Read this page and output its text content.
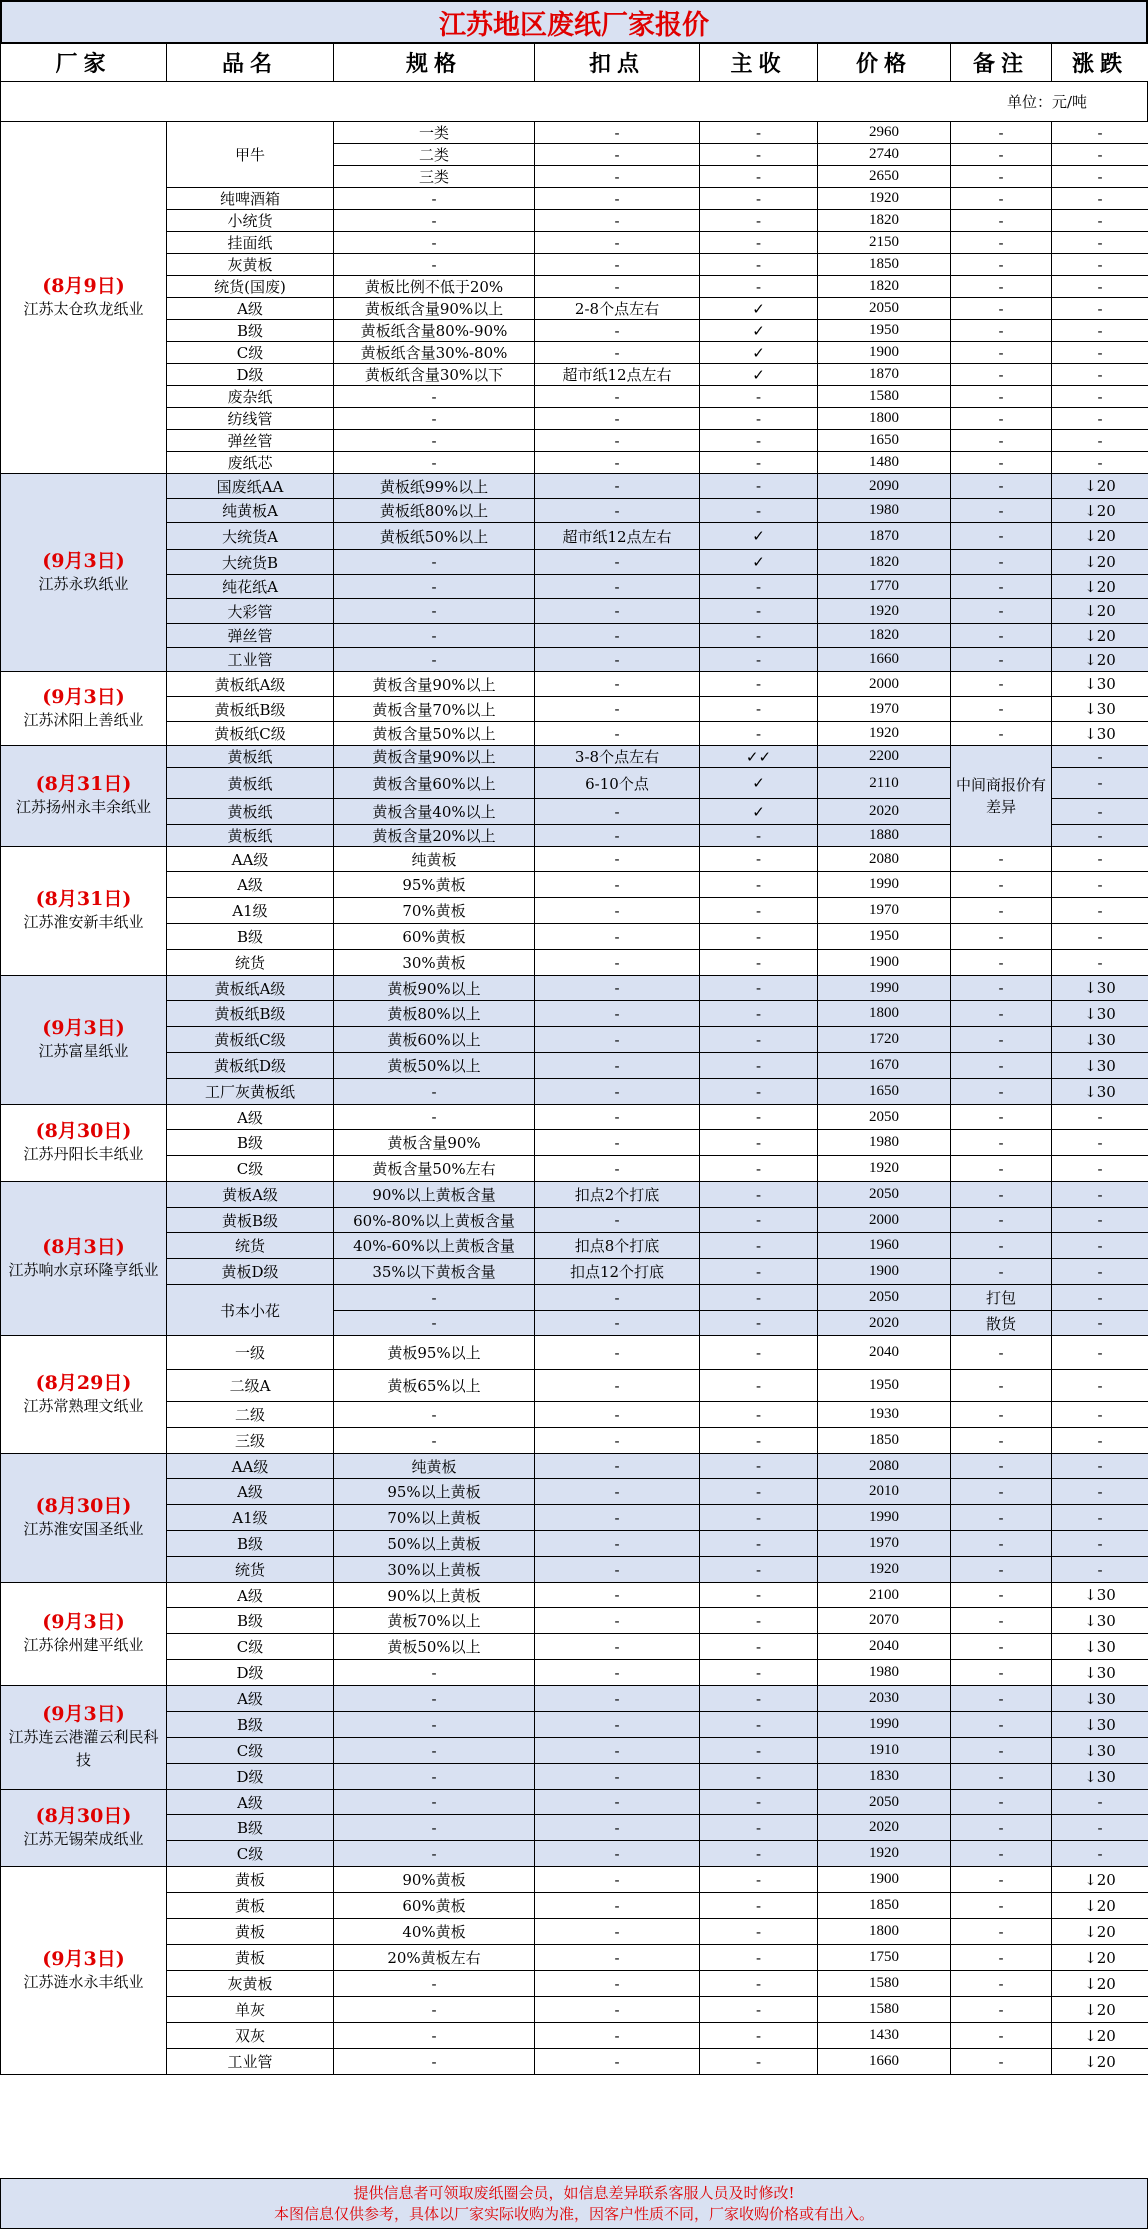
江苏地区废纸厂家报价
厂家	品名	规格	扣点	主收	价格	备注	涨跌
单位：元/吨
(8月9日)
江苏太仓玖龙纸业	甲牛	一类	-	-	2960	-	-
		二类	-	-	2740	-	-
		三类	-	-	2650	-	-
	纯啤酒箱	-	-	-	1920	-	-
	小统货	-	-	-	1820	-	-
	挂面纸	-	-	-	2150	-	-
	灰黄板	-	-	-	1850	-	-
	统货(国废)	黄板比例不低于20%	-	-	1820	-	-
	A级	黄板纸含量90%以上	2-8个点左右	✓	2050	-	-
	B级	黄板纸含量80%-90%	-	✓	1950	-	-
	C级	黄板纸含量30%-80%	-	✓	1900	-	-
	D级	黄板纸含量30%以下	超市纸12点左右	✓	1870	-	-
	废杂纸	-	-	-	1580	-	-
	纺线管	-	-	-	1800	-	-
	弹丝管	-	-	-	1650	-	-
	废纸芯	-	-	-	1480	-	-

(9月3日)
江苏永玖纸业	国废纸AA	黄板纸99%以上	-	-	2090	-	↓20
	纯黄板A	黄板纸80%以上	-	-	1980	-	↓20
	大统货A	黄板纸50%以上	超市纸12点左右	✓	1870	-	↓20
	大统货B	-	-	✓	1820	-	↓20
	纯花纸A	-	-	-	1770	-	↓20
	大彩管	-	-	-	1920	-	↓20
	弹丝管	-	-	-	1820	-	↓20
	工业管	-	-	-	1660	-	↓20

(9月3日)
江苏沭阳上善纸业	黄板纸A级	黄板含量90%以上	-	-	2000	-	↓30
	黄板纸B级	黄板含量70%以上	-	-	1970	-	↓30
	黄板纸C级	黄板含量50%以上	-	-	1920	-	↓30

(8月31日)
江苏扬州永丰余纸业	黄板纸	黄板含量90%以上	3-8个点左右	✓✓	2200	中间商报价有差异	-
	黄板纸	黄板含量60%以上	6-10个点	✓	2110		-
	黄板纸	黄板含量40%以上	-	✓	2020		-
	黄板纸	黄板含量20%以上	-	-	1880		-

(8月31日)
江苏淮安新丰纸业	AA级	纯黄板	-	-	2080	-	-
	A级	95%黄板	-	-	1990	-	-
	A1级	70%黄板	-	-	1970	-	-
	B级	60%黄板	-	-	1950	-	-
	统货	30%黄板	-	-	1900	-	-

(9月3日)
江苏富星纸业	黄板纸A级	黄板90%以上	-	-	1990	-	↓30
	黄板纸B级	黄板80%以上	-	-	1800	-	↓30
	黄板纸C级	黄板60%以上	-	-	1720	-	↓30
	黄板纸D级	黄板50%以上	-	-	1670	-	↓30
	工厂灰黄板纸	-	-	-	1650	-	↓30

(8月30日)
江苏丹阳长丰纸业	A级	-	-	-	2050	-	-
	B级	黄板含量90%	-	-	1980	-	-
	C级	黄板含量50%左右	-	-	1920	-	-

(8月3日)
江苏响水京环隆亨纸业	黄板A级	90%以上黄板含量	扣点2个打底	-	2050	-	-
	黄板B级	60%-80%以上黄板含量	-	-	2000	-	-
	统货	40%-60%以上黄板含量	扣点8个打底	-	1960	-	-
	黄板D级	35%以下黄板含量	扣点12个打底	-	1900	-	-
	书本小花	-	-	-	2050	打包	-
		-	-	-	2020	散货	-

(8月29日)
江苏常熟理文纸业	一级	黄板95%以上	-	-	2040	-	-
	二级A	黄板65%以上	-	-	1950	-	-
	二级	-	-	-	1930	-	-
	三级	-	-	-	1850	-	-

(8月30日)
江苏淮安国圣纸业	AA级	纯黄板	-	-	2080	-	-
	A级	95%以上黄板	-	-	2010	-	-
	A1级	70%以上黄板	-	-	1990	-	-
	B级	50%以上黄板	-	-	1970	-	-
	统货	30%以上黄板	-	-	1920	-	-

(9月3日)
江苏徐州建平纸业	A级	90%以上黄板	-	-	2100	-	↓30
	B级	黄板70%以上	-	-	2070	-	↓30
	C级	黄板50%以上	-	-	2040	-	↓30
	D级	-	-	-	1980	-	↓30

(9月3日)
江苏连云港灌云利民科技	A级	-	-	-	2030	-	↓30
	B级	-	-	-	1990	-	↓30
	C级	-	-	-	1910	-	↓30
	D级	-	-	-	1830	-	↓30

(8月30日)
江苏无锡荣成纸业	A级	-	-	-	2050	-	-
	B级	-	-	-	2020	-	-
	C级	-	-	-	1920	-	-

(9月3日)
江苏涟水永丰纸业	黄板	90%黄板	-	-	1900	-	↓20
	黄板	60%黄板	-	-	1850	-	↓20
	黄板	40%黄板	-	-	1800	-	↓20
	黄板	20%黄板左右	-	-	1750	-	↓20
	灰黄板	-	-	-	1580	-	↓20
	单灰	-	-	-	1580	-	↓20
	双灰	-	-	-	1430	-	↓20
	工业管	-	-	-	1660	-	↓20
提供信息者可领取废纸圈会员，如信息差异联系客服人员及时修改!
本图信息仅供参考，具体以厂家实际收购为准，因客户性质不同，厂家收购价格或有出入。
